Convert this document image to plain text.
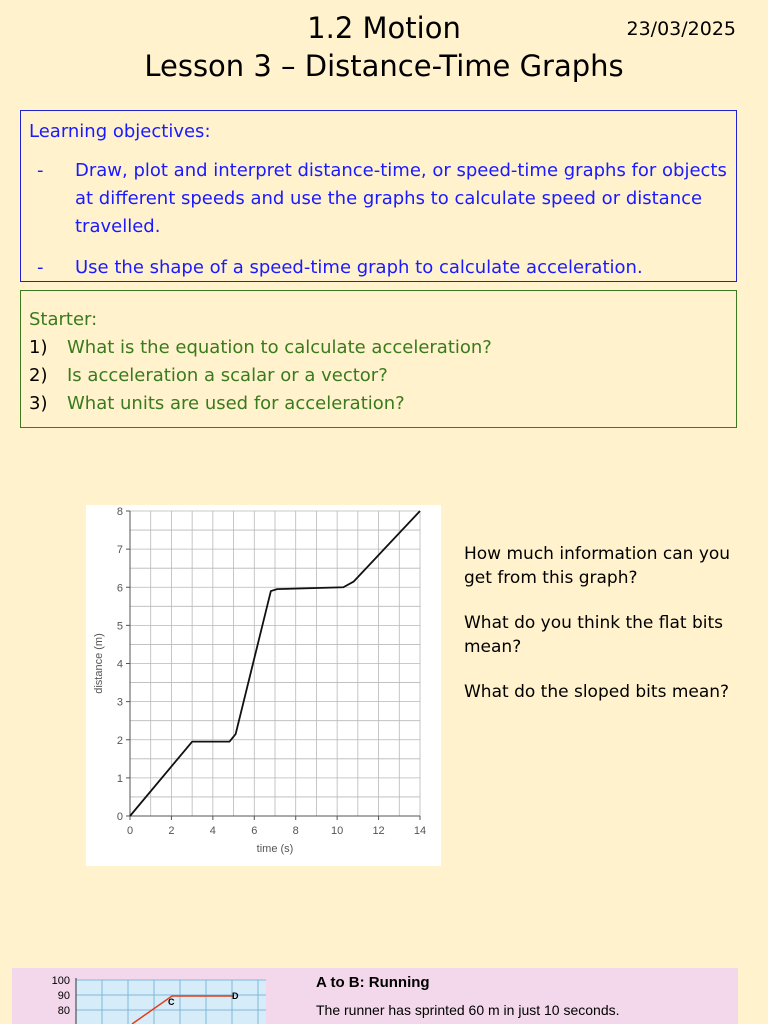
1.2 Motion
Lesson 3 – Distance-Time Graphs
23/03/2025
Learning objectives:
- Draw, plot and interpret distance-time, or speed-time graphs for objects at different speeds and use the graphs to calculate speed or distance travelled.
- Use the shape of a speed-time graph to calculate acceleration.
Starter:
1) What is the equation to calculate acceleration?
2) Is acceleration a scalar or a vector?
3) What units are used for acceleration?
0	2	4	6	8	10	12	14
0
1
2
3
4
5
6
7
8
time (s)
distance (m)

How much information can you get from this graph?

What do you think the flat bits mean?

What do the sloped bits mean?

100
90
80
C
D
A to B: Running
The runner has sprinted 60 m in just 10 seconds.
